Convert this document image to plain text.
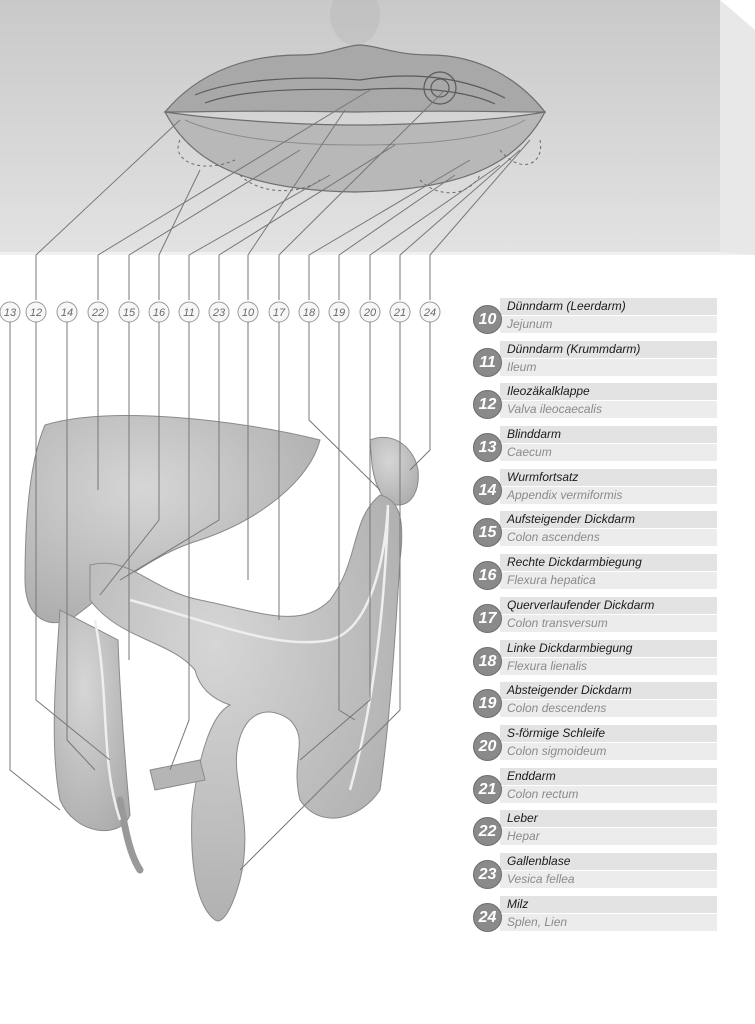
13 12 14 22 15 16 11 23 10 17 18 19 20 21 24	10
Dünndarm (Leerdarm)
Jejunum
11
Dünndarm (Krummdarm)
Ileum
12
Ileozäkalklappe
Valva ileocaecalis
13
Blinddarm
Caecum
14
Wurmfortsatz
Appendix vermiformis
15
Aufsteigender Dickdarm
Colon ascendens
16
Rechte Dickdarmbiegung
Flexura hepatica
17
Querverlaufender Dickdarm
Colon transversum
18
Linke Dickdarmbiegung
Flexura lienalis
19
Absteigender Dickdarm
Colon descendens
20
S-förmige Schleife
Colon sigmoideum
21
Enddarm
Colon rectum
22
Leber
Hepar
23
Gallenblase
Vesica fellea
24
Milz
Splen, Lien
